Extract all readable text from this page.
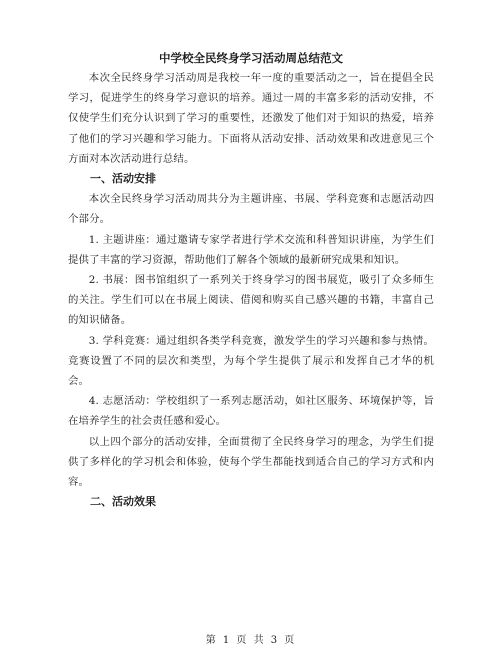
中学校全民终身学习活动周总结范文

本次全民终身学习活动周是我校一年一度的重要活动之一，旨在提倡全民学习，促进学生的终身学习意识的培养。通过一周的丰富多彩的活动安排，不仅使学生们充分认识到了学习的重要性，还激发了他们对于知识的热爱，培养了他们的学习兴趣和学习能力。下面将从活动安排、活动效果和改进意见三个方面对本次活动进行总结。

一、活动安排

本次全民终身学习活动周共分为主题讲座、书展、学科竞赛和志愿活动四个部分。

1. 主题讲座：通过邀请专家学者进行学术交流和科普知识讲座，为学生们提供了丰富的学习资源，帮助他们了解各个领域的最新研究成果和知识。

2. 书展：图书馆组织了一系列关于终身学习的图书展览，吸引了众多师生的关注。学生们可以在书展上阅读、借阅和购买自己感兴趣的书籍，丰富自己的知识储备。

3. 学科竞赛：通过组织各类学科竞赛，激发学生的学习兴趣和参与热情。竞赛设置了不同的层次和类型，为每个学生提供了展示和发挥自己才华的机会。

4. 志愿活动：学校组织了一系列志愿活动，如社区服务、环境保护等，旨在培养学生的社会责任感和爱心。

以上四个部分的活动安排，全面贯彻了全民终身学习的理念，为学生们提供了多样化的学习机会和体验，使每个学生都能找到适合自己的学习方式和内容。

二、活动效果

第 1 页 共 3 页
